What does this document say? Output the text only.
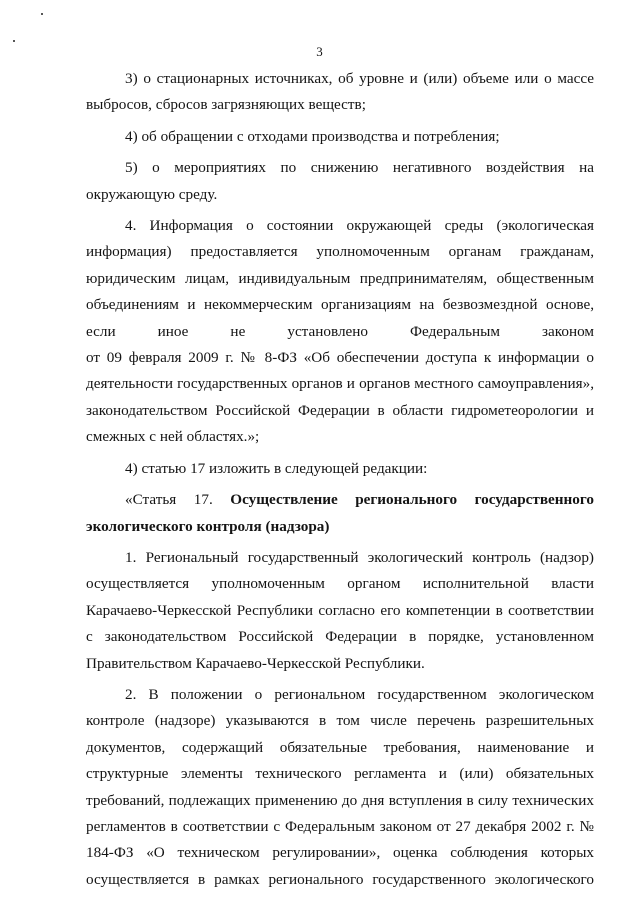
3

3) о стационарных источниках, об уровне и (или) объеме или о массе выбросов, сбросов загрязняющих веществ;

4) об обращении с отходами производства и потребления;

5) о мероприятиях по снижению негативного воздействия на окружающую среду.

4. Информация о состоянии окружающей среды (экологическая информация) предоставляется уполномоченным органам гражданам, юридическим лицам, индивидуальным предпринимателям, общественным объединениям и некоммерческим организациям на безвозмездной основе, если иное не установлено Федеральным законом

от 09 февраля 2009 г. № 8-ФЗ «Об обеспечении доступа к информации о деятельности государственных органов и органов местного самоуправления», законодательством Российской Федерации в области гидрометеорологии и смежных с ней областях.»;

4) статью 17 изложить в следующей редакции:

«Статья 17. Осуществление регионального государственного экологического контроля (надзора)

1. Региональный государственный экологический контроль (надзор) осуществляется уполномоченным органом исполнительной власти Карачаево-Черкесской Республики согласно его компетенции в соответствии с законодательством Российской Федерации в порядке, установленном Правительством Карачаево-Черкесской Республики.

2. В положении о региональном государственном экологическом контроле (надзоре) указываются в том числе перечень разрешительных документов, содержащий обязательные требования, наименование и структурные элементы технического регламента и (или) обязательных требований, подлежащих применению до дня вступления в силу технических регламентов в соответствии с Федеральным законом от 27 декабря 2002 г. № 184-ФЗ «О техническом регулировании», оценка соблюдения которых осуществляется в рамках регионального государственного экологического
